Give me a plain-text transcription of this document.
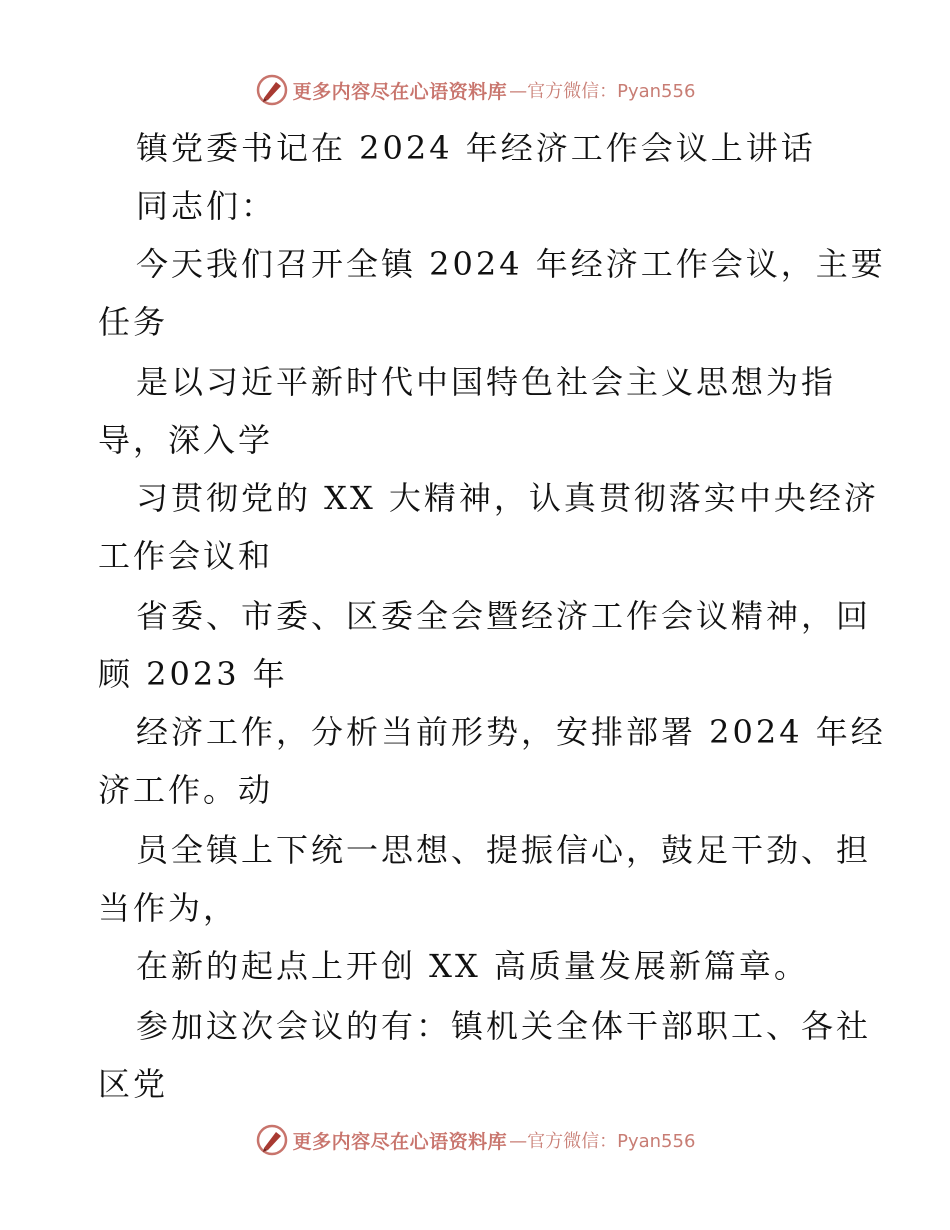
更多内容尽在心语资料库 —官方微信：Pyan556

镇党委书记在 2024 年经济工作会议上讲话

同志们：

今天我们召开全镇 2024 年经济工作会议，主要

任务

是以习近平新时代中国特色社会主义思想为指

导，深入学

习贯彻党的 XX 大精神，认真贯彻落实中央经济

工作会议和

省委、市委、区委全会暨经济工作会议精神，回

顾 2023 年

经济工作，分析当前形势，安排部署 2024 年经

济工作。动

员全镇上下统一思想、提振信心，鼓足干劲、担

当作为，

在新的起点上开创 XX 高质量发展新篇章。

参加这次会议的有：镇机关全体干部职工、各社

区党

更多内容尽在心语资料库 —官方微信：Pyan556
